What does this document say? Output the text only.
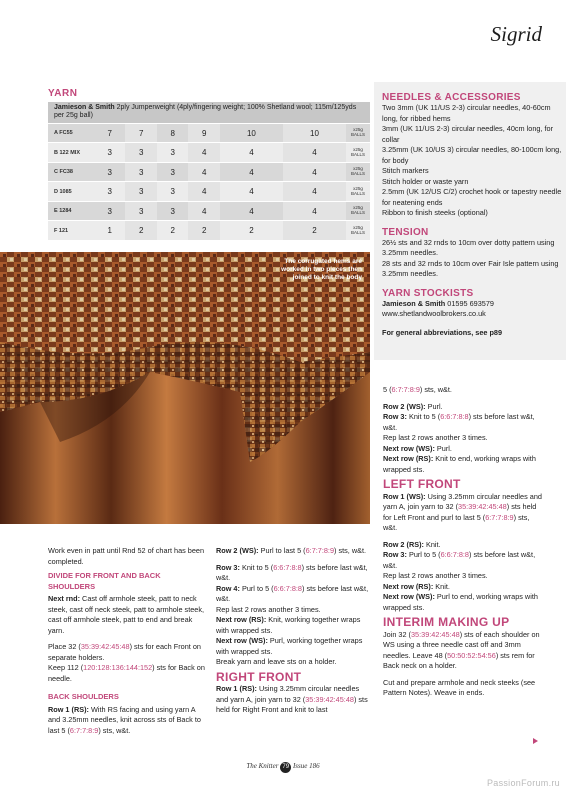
Sigrid
YARN
Jamieson & Smith 2ply Jumperweight (4ply/fingering weight; 100% Shetland wool; 115m/125yds per 25g ball)							
A FC55	7	7	8	9	10	10	x25g BALLS
B 122 MIX	3	3	3	4	4	4	x25g BALLS
C FC38	3	3	3	4	4	4	x25g BALLS
D 1085	3	3	3	4	4	4	x25g BALLS
E 1284	3	3	3	4	4	4	x25g BALLS
F 121	1	2	2	2	2	2	x25g BALLS
NEEDLES & ACCESSORIES
Two 3mm (UK 11/US 2-3) circular needles, 40-60cm long, for ribbed hems
3mm (UK 11/US 2-3) circular needles, 40cm long, for collar
3.25mm (UK 10/US 3) circular needles, 80-100cm long, for body
Stitch markers
Stitch holder or waste yarn
2.5mm (UK 12/US C/2) crochet hook or tapestry needle for neatening ends
Ribbon to finish steeks (optional)
TENSION
26½ sts and 32 rnds to 10cm over dotty pattern using 3.25mm needles.
28 sts and 32 rnds to 10cm over Fair Isle pattern using 3.25mm needles.
YARN STOCKISTS
Jamieson & Smith 01595 693579
www.shetlandwoolbrokers.co.uk
For general abbreviations, see p89
The corrugated hems are worked in two pieces then joined to knit the body

Work even in patt until Rnd 52 of chart has been completed.

DIVIDE FOR FRONT AND BACK SHOULDERS

Next rnd: Cast off armhole steek, patt to neck steek, cast off neck steek, patt to armhole steek, cast off armhole steek, patt to end and break yarn.

Place 32 (35:39:42:45:48) sts for each Front on separate holders.

Keep 112 (120:128:136:144:152) sts for Back on needle.

BACK SHOULDERS

Row 1 (RS): With RS facing and using yarn A and 3.25mm needles, knit across sts of Back to last 5 (6:7:7:8:9) sts, w&t.

Row 2 (WS): Purl to last 5 (6:7:7:8:9) sts, w&t.

Row 3: Knit to 5 (6:6:7:8:8) sts before last w&t, w&t.

Row 4: Purl to 5 (6:6:7:8:8) sts before last w&t, w&t.

Rep last 2 rows another 3 times.

Next row (RS): Knit, working together wraps with wrapped sts.

Next row (WS): Purl, working together wraps with wrapped sts.

Break yarn and leave sts on a holder.

RIGHT FRONT

Row 1 (RS): Using 3.25mm circular needles and yarn A, join yarn to 32 (35:39:42:45:48) sts held for Right Front and knit to last

5 (6:7:7:8:9) sts, w&t.

Row 2 (WS): Purl.

Row 3: Knit to 5 (6:6:7:8:8) sts before last w&t, w&t.

Rep last 2 rows another 3 times.

Next row (WS): Purl.

Next row (RS): Knit to end, working wraps with wrapped sts.

LEFT FRONT

Row 1 (WS): Using 3.25mm circular needles and yarn A, join yarn to 32 (35:39:42:45:48) sts held for Left Front and purl to last 5 (6:7:7:8:9) sts, w&t.

Row 2 (RS): Knit.

Row 3: Purl to 5 (6:6:7:8:8) sts before last w&t, w&t.

Rep last 2 rows another 3 times.

Next row (RS): Knit.

Next row (WS): Purl to end, working wraps with wrapped sts.

INTERIM MAKING UP

Join 32 (35:39:42:45:48) sts of each shoulder on WS using a three needle cast off and 3mm needles. Leave 48 (50:50:52:54:56) sts rem for Back neck on a holder.

Cut and prepare armhole and neck steeks (see Pattern Notes). Weave in ends.

The Knitter 79 Issue 186
PassionForum.ru
